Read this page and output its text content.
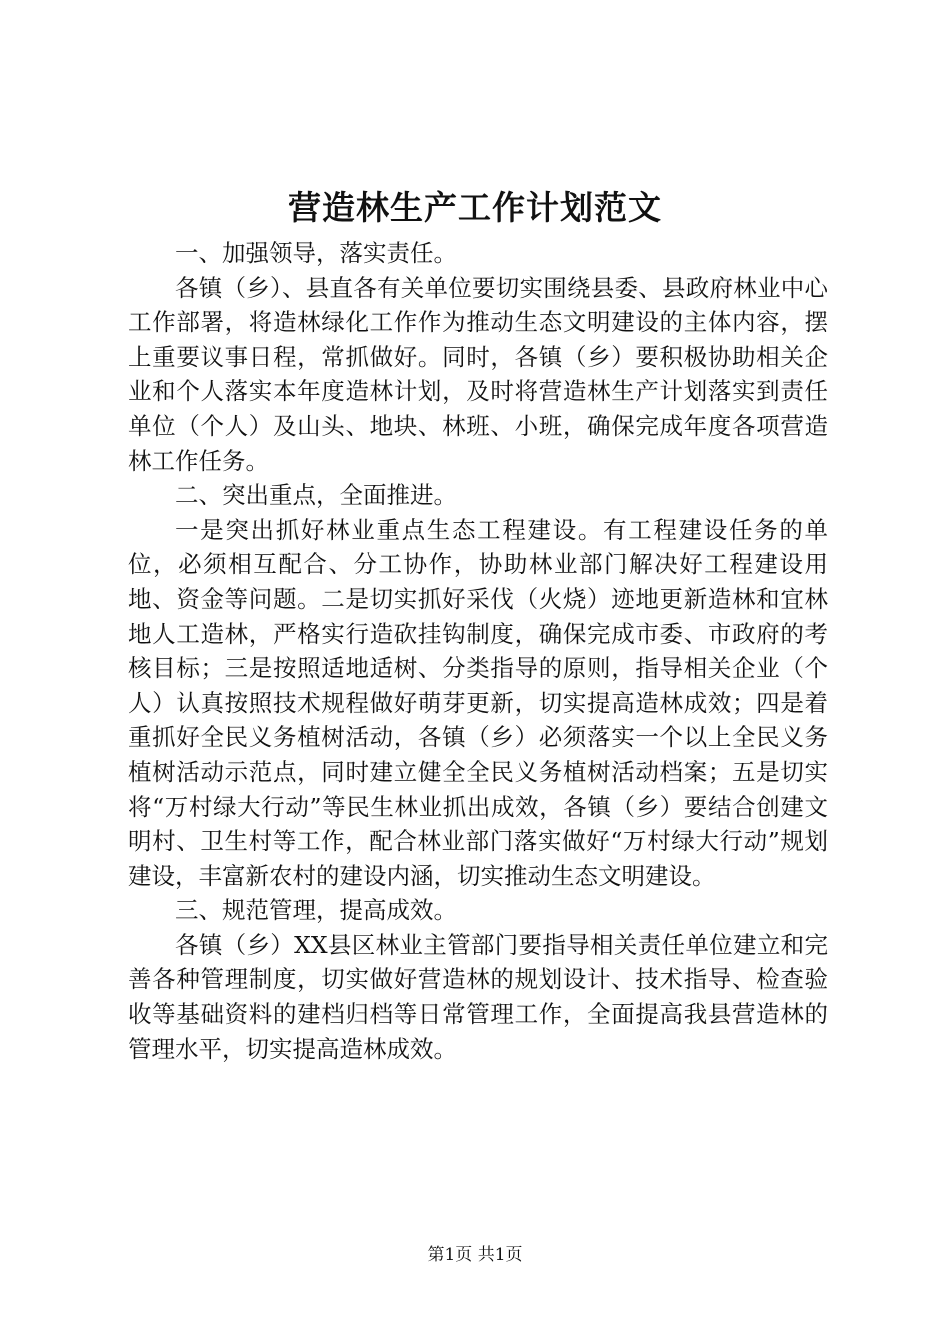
营造林生产工作计划范文

一、加强领导，落实责任。

各镇（乡）、县直各有关单位要切实围绕县委、县政府林业中心工作部署，将造林绿化工作作为推动生态文明建设的主体内容，摆上重要议事日程，常抓做好。同时，各镇（乡）要积极协助相关企业和个人落实本年度造林计划，及时将营造林生产计划落实到责任单位（个人）及山头、地块、林班、小班，确保完成年度各项营造林工作任务。

二、突出重点，全面推进。

一是突出抓好林业重点生态工程建设。有工程建设任务的单位，必须相互配合、分工协作，协助林业部门解决好工程建设用地、资金等问题。二是切实抓好采伐（火烧）迹地更新造林和宜林地人工造林，严格实行造砍挂钩制度，确保完成市委、市政府的考核目标；三是按照适地适树、分类指导的原则，指导相关企业（个人）认真按照技术规程做好萌芽更新，切实提高造林成效；四是着重抓好全民义务植树活动，各镇（乡）必须落实一个以上全民义务植树活动示范点，同时建立健全全民义务植树活动档案；五是切实将“万村绿大行动”等民生林业抓出成效，各镇（乡）要结合创建文明村、卫生村等工作，配合林业部门落实做好“万村绿大行动”规划建设，丰富新农村的建设内涵，切实推动生态文明建设。

三、规范管理，提高成效。

各镇（乡）XX县区林业主管部门要指导相关责任单位建立和完善各种管理制度，切实做好营造林的规划设计、技术指导、检查验收等基础资料的建档归档等日常管理工作，全面提高我县营造林的管理水平，切实提高造林成效。

第1页 共1页
